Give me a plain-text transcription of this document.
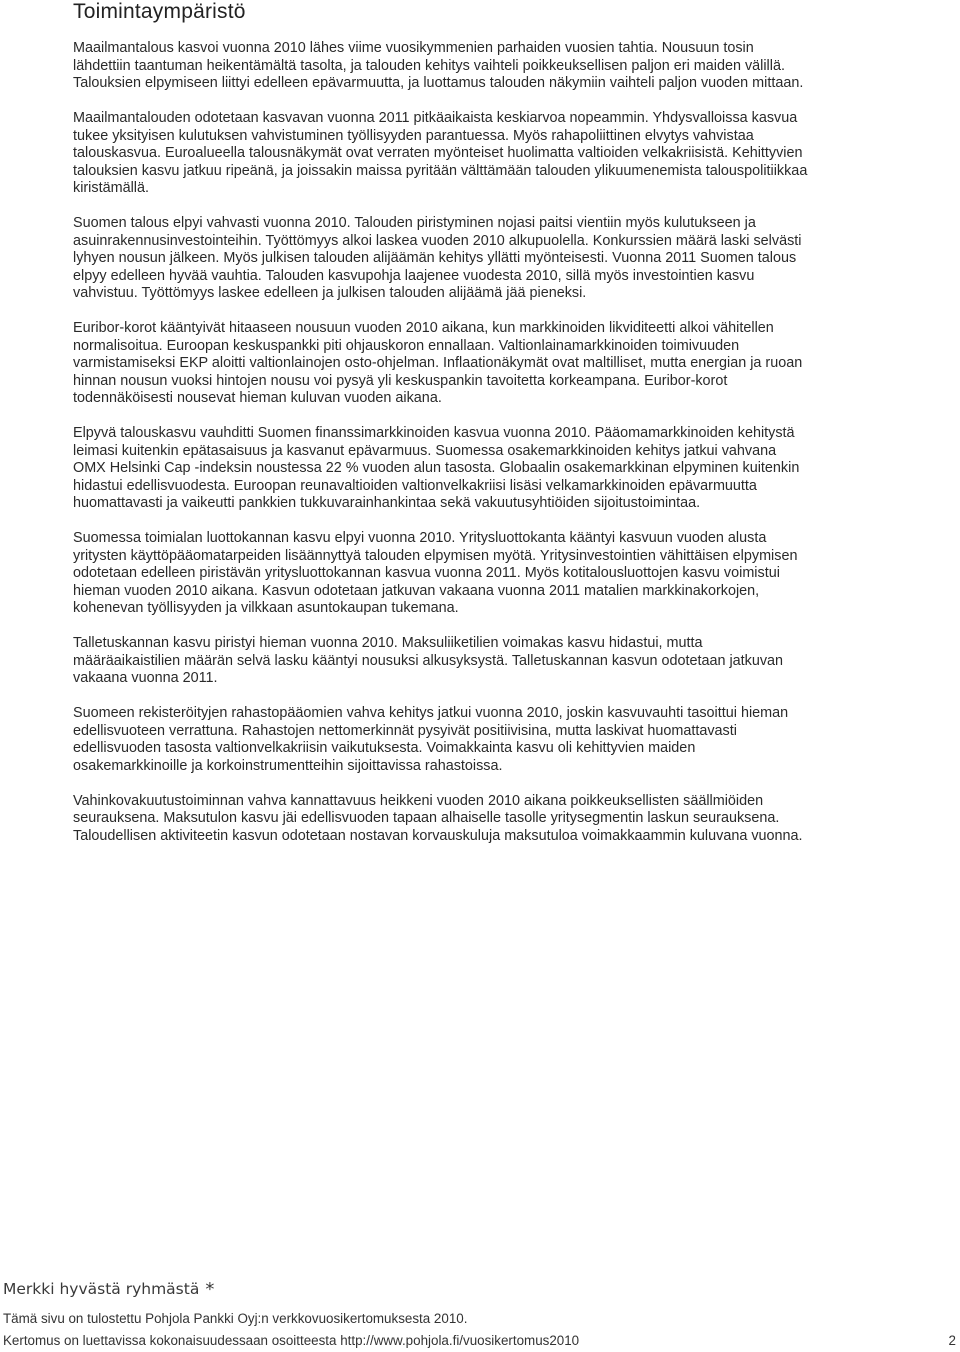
Toimintaympäristö

Maailmantalous kasvoi vuonna 2010 lähes viime vuosikymmenien parhaiden vuosien tahtia. Nousuun tosin
lähdettiin taantuman heikentämältä tasolta, ja talouden kehitys vaihteli poikkeuksellisen paljon eri maiden välillä.
Talouksien elpymiseen liittyi edelleen epävarmuutta, ja luottamus talouden näkymiin vaihteli paljon vuoden mittaan.

Maailmantalouden odotetaan kasvavan vuonna 2011 pitkäaikaista keskiarvoa nopeammin. Yhdysvalloissa kasvua
tukee yksityisen kulutuksen vahvistuminen työllisyyden parantuessa. Myös rahapoliittinen elvytys vahvistaa
talouskasvua. Euroalueella talousnäkymät ovat verraten myönteiset huolimatta valtioiden velkakriisistä. Kehittyvien
talouksien kasvu jatkuu ripeänä, ja joissakin maissa pyritään välttämään talouden ylikuumenemista talouspolitiikkaa
kiristämällä.

Suomen talous elpyi vahvasti vuonna 2010. Talouden piristyminen nojasi paitsi vientiin myös kulutukseen ja
asuinrakennusinvestointeihin. Työttömyys alkoi laskea vuoden 2010 alkupuolella. Konkurssien määrä laski selvästi
lyhyen nousun jälkeen. Myös julkisen talouden alijäämän kehitys yllätti myönteisesti. Vuonna 2011 Suomen talous
elpyy edelleen hyvää vauhtia. Talouden kasvupohja laajenee vuodesta 2010, sillä myös investointien kasvu
vahvistuu. Työttömyys laskee edelleen ja julkisen talouden alijäämä jää pieneksi.

Euribor-korot kääntyivät hitaaseen nousuun vuoden 2010 aikana, kun markkinoiden likviditeetti alkoi vähitellen
normalisoitua. Euroopan keskuspankki piti ohjauskoron ennallaan. Valtionlainamarkkinoiden toimivuuden
varmistamiseksi EKP aloitti valtionlainojen osto-ohjelman. Inflaationäkymät ovat maltilliset, mutta energian ja ruoan
hinnan nousun vuoksi hintojen nousu voi pysyä yli keskuspankin tavoitetta korkeampana. Euribor-korot
todennäköisesti nousevat hieman kuluvan vuoden aikana.

Elpyvä talouskasvu vauhditti Suomen finanssimarkkinoiden kasvua vuonna 2010. Pääomamarkkinoiden kehitystä
leimasi kuitenkin epätasaisuus ja kasvanut epävarmuus. Suomessa osakemarkkinoiden kehitys jatkui vahvana
OMX Helsinki Cap -indeksin noustessa 22 % vuoden alun tasosta. Globaalin osakemarkkinan elpyminen kuitenkin
hidastui edellisvuodesta. Euroopan reunavaltioiden valtionvelkakriisi lisäsi velkamarkkinoiden epävarmuutta
huomattavasti ja vaikeutti pankkien tukkuvarainhankintaa sekä vakuutusyhtiöiden sijoitustoimintaa.

Suomessa toimialan luottokannan kasvu elpyi vuonna 2010. Yritysluottokanta kääntyi kasvuun vuoden alusta
yritysten käyttöpääomatarpeiden lisäännyttyä talouden elpymisen myötä. Yritysinvestointien vähittäisen elpymisen
odotetaan edelleen piristävän yritysluottokannan kasvua vuonna 2011. Myös kotitalousluottojen kasvu voimistui
hieman vuoden 2010 aikana. Kasvun odotetaan jatkuvan vakaana vuonna 2011 matalien markkinakorkojen,
kohenevan työllisyyden ja vilkkaan asuntokaupan tukemana.

Talletuskannan kasvu piristyi hieman vuonna 2010. Maksuliiketilien voimakas kasvu hidastui, mutta
määräaikaistilien määrän selvä lasku kääntyi nousuksi alkusyksystä. Talletuskannan kasvun odotetaan jatkuvan
vakaana vuonna 2011.

Suomeen rekisteröityjen rahastopääomien vahva kehitys jatkui vuonna 2010, joskin kasvuvauhti tasoittui hieman
edellisvuoteen verrattuna. Rahastojen nettomerkinnät pysyivät positiivisina, mutta laskivat huomattavasti
edellisvuoden tasosta valtionvelkakriisin vaikutuksesta. Voimakkainta kasvu oli kehittyvien maiden
osakemarkkinoille ja korkoinstrumentteihin sijoittavissa rahastoissa.

Vahinkovakuutustoiminnan vahva kannattavuus heikkeni vuoden 2010 aikana poikkeuksellisten säällmiöiden
seurauksena. Maksutulon kasvu jäi edellisvuoden tapaan alhaiselle tasolle yritysegmentin laskun seurauksena.
Taloudellisen aktiviteetin kasvun odotetaan nostavan korvauskuluja maksutuloa voimakkaammin kuluvana vuonna.

Merkki hyvästä ryhmästä *
Tämä sivu on tulostettu Pohjola Pankki Oyj:n verkkovuosikertomuksesta 2010.
Kertomus on luettavissa kokonaisuudessaan osoitteesta http://www.pohjola.fi/vuosikertomus2010	2
